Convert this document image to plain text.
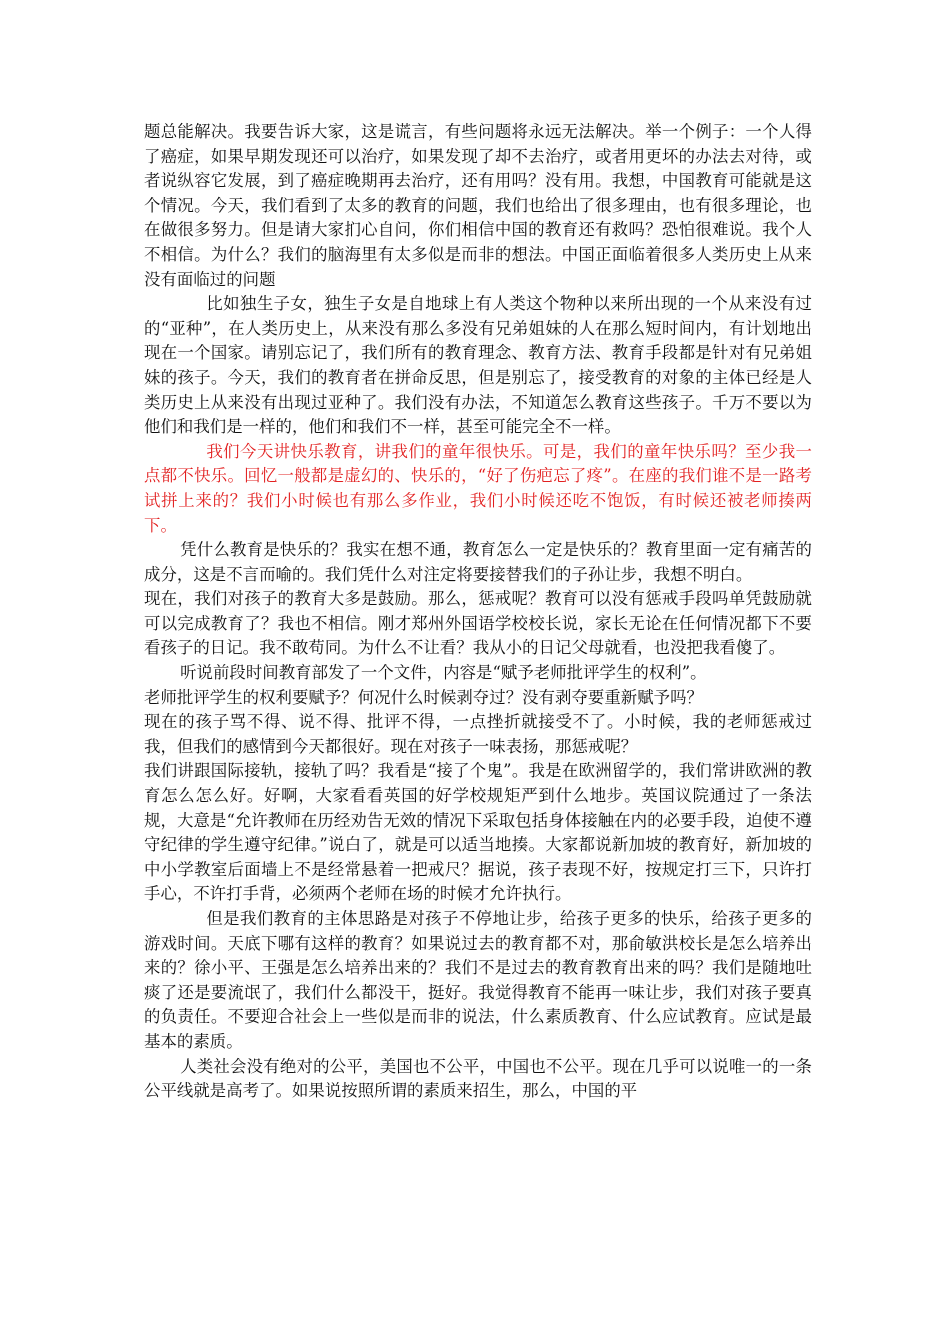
题总能解决。我要告诉大家，这是谎言，有些问题将永远无法解决。举一个例子：一个人得了癌症，如果早期发现还可以治疗，如果发现了却不去治疗，或者用更坏的办法去对待，或者说纵容它发展，到了癌症晚期再去治疗，还有用吗？没有用。我想，中国教育可能就是这个情况。今天，我们看到了太多的教育的问题，我们也给出了很多理由，也有很多理论，也在做很多努力。但是请大家扪心自问，你们相信中国的教育还有救吗？恐怕很难说。我个人不相信。为什么？我们的脑海里有太多似是而非的想法。中国正面临着很多人类历史上从来没有面临过的问题

比如独生子女，独生子女是自地球上有人类这个物种以来所出现的一个从来没有过的“亚种”，在人类历史上，从来没有那么多没有兄弟姐妹的人在那么短时间内，有计划地出现在一个国家。请别忘记了，我们所有的教育理念、教育方法、教育手段都是针对有兄弟姐妹的孩子。今天，我们的教育者在拼命反思，但是别忘了，接受教育的对象的主体已经是人类历史上从来没有出现过亚种了。我们没有办法，不知道怎么教育这些孩子。千万不要以为他们和我们是一样的，他们和我们不一样，甚至可能完全不一样。

我们今天讲快乐教育，讲我们的童年很快乐。可是，我们的童年快乐吗？至少我一点都不快乐。回忆一般都是虚幻的、快乐的，“好了伤疤忘了疼”。在座的我们谁不是一路考试拼上来的？我们小时候也有那么多作业，我们小时候还吃不饱饭，有时候还被老师揍两下。

凭什么教育是快乐的？我实在想不通，教育怎么一定是快乐的？教育里面一定有痛苦的成分，这是不言而喻的。我们凭什么对注定将要接替我们的子孙让步，我想不明白。

现在，我们对孩子的教育大多是鼓励。那么，惩戒呢？教育可以没有惩戒手段吗单凭鼓励就可以完成教育了？我也不相信。刚才郑州外国语学校校长说，家长无论在任何情况都下不要看孩子的日记。我不敢苟同。为什么不让看？我从小的日记父母就看，也没把我看傻了。

听说前段时间教育部发了一个文件，内容是“赋予老师批评学生的权利”。

老师批评学生的权利要赋予？何况什么时候剥夺过？没有剥夺要重新赋予吗？

现在的孩子骂不得、说不得、批评不得，一点挫折就接受不了。小时候，我的老师惩戒过我，但我们的感情到今天都很好。现在对孩子一味表扬，那惩戒呢？

我们讲跟国际接轨，接轨了吗？我看是“接了个鬼”。我是在欧洲留学的，我们常讲欧洲的教育怎么怎么好。好啊，大家看看英国的好学校规矩严到什么地步。英国议院通过了一条法规，大意是“允许教师在历经劝告无效的情况下采取包括身体接触在内的必要手段，迫使不遵守纪律的学生遵守纪律。”说白了，就是可以适当地揍。大家都说新加坡的教育好，新加坡的中小学教室后面墙上不是经常悬着一把戒尺？据说，孩子表现不好，按规定打三下，只许打手心，不许打手背，必须两个老师在场的时候才允许执行。

但是我们教育的主体思路是对孩子不停地让步，给孩子更多的快乐，给孩子更多的游戏时间。天底下哪有这样的教育？如果说过去的教育都不对，那俞敏洪校长是怎么培养出来的？徐小平、王强是怎么培养出来的？我们不是过去的教育教育出来的吗？我们是随地吐痰了还是要流氓了，我们什么都没干，挺好。我觉得教育不能再一味让步，我们对孩子要真的负责任。不要迎合社会上一些似是而非的说法，什么素质教育、什么应试教育。应试是最基本的素质。

人类社会没有绝对的公平，美国也不公平，中国也不公平。现在几乎可以说唯一的一条公平线就是高考了。如果说按照所谓的素质来招生，那么，中国的平
